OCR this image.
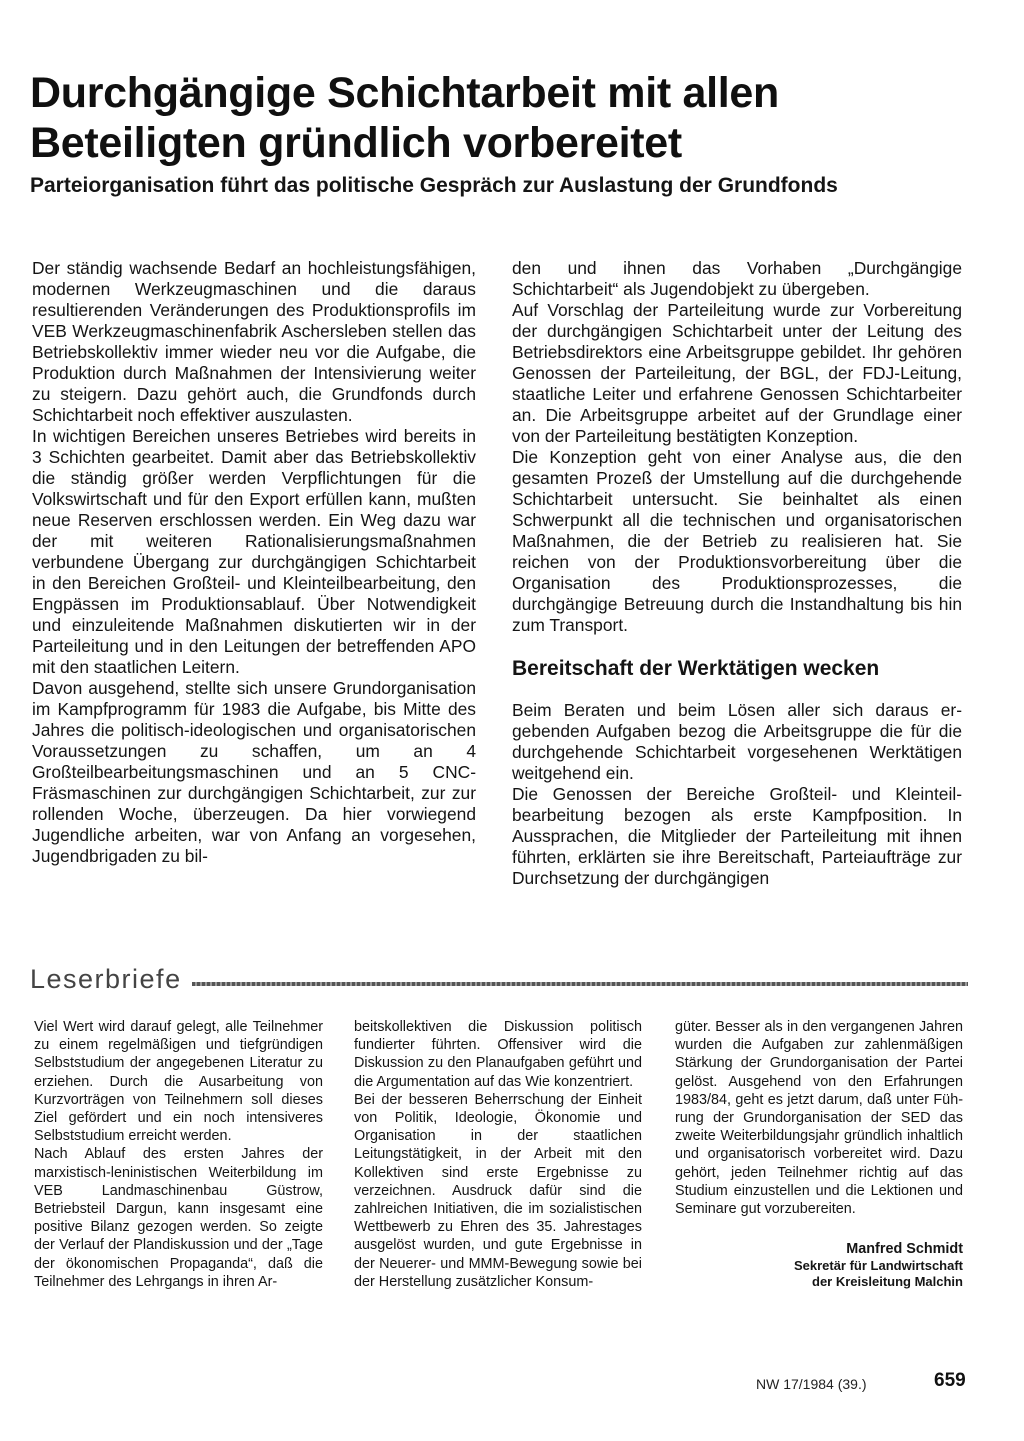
Durchgängige Schichtarbeit mit allen
Beteiligten gründlich vorbereitet
Parteiorganisation führt das politische Gespräch zur Auslastung der Grundfonds

Der ständig wachsende Bedarf an hochleistungsfähigen, modernen Werkzeugmaschinen und die daraus resultierenden Veränderungen des Produktionsprofils im VEB Werkzeugmaschinenfabrik Aschersleben stellen das Betriebskollektiv immer wieder neu vor die Aufgabe, die Produktion durch Maßnahmen der Intensivierung weiter zu steigern. Dazu gehört auch, die Grundfonds durch Schichtarbeit noch effektiver auszulasten.

In wichtigen Bereichen unseres Betriebes wird bereits in 3 Schichten gearbeitet. Damit aber das Betriebskollektiv die ständig größer werden Verpflichtungen für die Volkswirtschaft und für den Export erfüllen kann, mußten neue Reserven erschlossen werden. Ein Weg dazu war der mit weiteren Rationalisierungsmaßnahmen verbundene Übergang zur durchgängigen Schichtarbeit in den Bereichen Großteil- und Kleinteilbearbeitung, den Engpässen im Produktionsablauf. Über Notwendigkeit und einzuleitende Maßnahmen diskutierten wir in der Parteileitung und in den Leitungen der betreffenden APO mit den staatlichen Leitern.

Davon ausgehend, stellte sich unsere Grundorganisation im Kampfprogramm für 1983 die Aufgabe, bis Mitte des Jahres die politisch-ideologischen und organisatorischen Voraussetzungen zu schaffen, um an 4 Großteilbearbeitungsmaschinen und an 5 CNC-Fräsmaschinen zur durchgängigen Schichtarbeit, zur zur rollenden Woche, überzeugen. Da hier vorwiegend Jugendliche arbeiten, war von Anfang an vorgesehen, Jugendbrigaden zu bil-

den und ihnen das Vorhaben „Durchgängige Schichtarbeit“ als Jugendobjekt zu übergeben.

Auf Vorschlag der Parteileitung wurde zur Vorbereitung der durchgängigen Schichtarbeit unter der Leitung des Betriebsdirektors eine Arbeitsgruppe gebildet. Ihr gehören Genossen der Parteileitung, der BGL, der FDJ-Leitung, staatliche Leiter und erfahrene Genossen Schichtarbeiter an. Die Arbeitsgruppe arbeitet auf der Grundlage einer von der Parteileitung bestätigten Konzeption.

Die Konzeption geht von einer Analyse aus, die den gesamten Prozeß der Umstellung auf die durchgehende Schichtarbeit untersucht. Sie beinhaltet als einen Schwerpunkt all die technischen und organisatorischen Maßnahmen, die der Betrieb zu realisieren hat. Sie reichen von der Produktionsvorbereitung über die Organisation des Produktionsprozesses, die durchgängige Betreuung durch die Instandhaltung bis hin zum Transport.

Bereitschaft der Werktätigen wecken

Beim Beraten und beim Lösen aller sich daraus ergebenden Aufgaben bezog die Arbeitsgruppe die für die durchgehende Schichtarbeit vorgesehenen Werktätigen weitgehend ein.

Die Genossen der Bereiche Großteil- und Kleinteilbearbeitung bezogen als erste Kampfposition. In Aussprachen, die Mitglieder der Parteileitung mit ihnen führten, erklärten sie ihre Bereitschaft, Parteiaufträge zur Durchsetzung der durchgängigen

Leserbriefe

Viel Wert wird darauf gelegt, alle Teilnehmer zu einem regelmäßigen und tiefgründigen Selbststudium der angegebenen Literatur zu erziehen. Durch die Ausarbeitung von Kurzvorträgen von Teilnehmern soll dieses Ziel gefördert und ein noch intensiveres Selbststudium erreicht werden.

Nach Ablauf des ersten Jahres der marxistisch-leninistischen Weiterbildung im VEB Landmaschinenbau Güstrow, Betriebsteil Dargun, kann insgesamt eine positive Bilanz gezogen werden. So zeigte der Verlauf der Plandiskussion und der „Tage der ökonomischen Propaganda“, daß die Teilnehmer des Lehrgangs in ihren Ar-

beitskollektiven die Diskussion politisch fundierter führten. Offensiver wird die Diskussion zu den Planaufgaben geführt und die Argumentation auf das Wie konzentriert.

Bei der besseren Beherrschung der Einheit von Politik, Ideologie, Ökonomie und Organisation in der staatlichen Leitungstätigkeit, in der Arbeit mit den Kollektiven sind erste Ergebnisse zu verzeichnen. Ausdruck dafür sind die zahlreichen Initiativen, die im sozialistischen Wettbewerb zu Ehren des 35. Jahrestages ausgelöst wurden, und gute Ergebnisse in der Neuerer- und MMM-Bewegung sowie bei der Herstellung zusätzlicher Konsum-

güter. Besser als in den vergangenen Jahren wurden die Aufgaben zur zahlenmäßigen Stärkung der Grundorganisation der Partei gelöst. Ausgehend von den Erfahrungen 1983/84, geht es jetzt darum, daß unter Führung der Grundorganisation der SED das zweite Weiterbildungsjahr gründlich inhaltlich und organisatorisch vorbereitet wird. Dazu gehört, jeden Teilnehmer richtig auf das Studium einzustellen und die Lektionen und Seminare gut vorzubereiten.

Manfred Schmidt
Sekretär für Landwirtschaft
der Kreisleitung Malchin
NW 17/1984 (39.)	659
